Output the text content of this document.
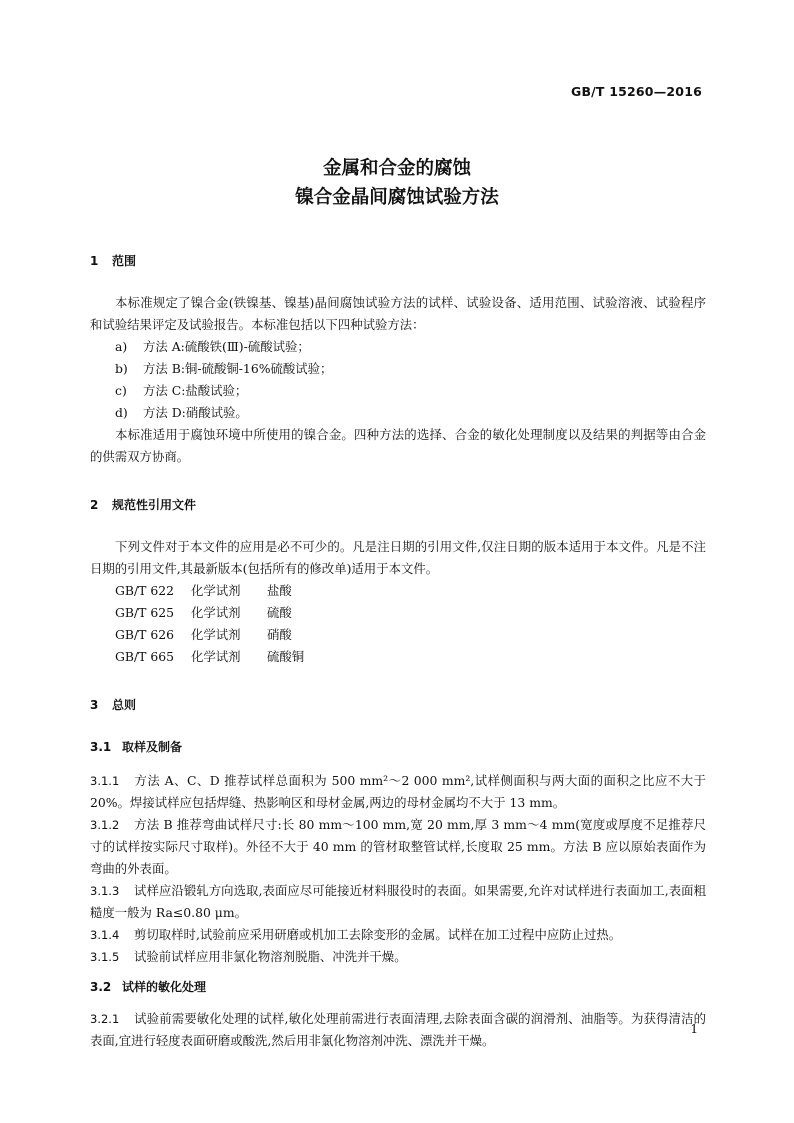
GB/T 15260—2016
金属和合金的腐蚀
镍合金晶间腐蚀试验方法
1 范围

本标准规定了镍合金(铁镍基、镍基)晶间腐蚀试验方法的试样、试验设备、适用范围、试验溶液、试验程序和试验结果评定及试验报告。本标准包括以下四种试验方法：

a) 方法 A:硫酸铁(Ⅲ)-硫酸试验；

b) 方法 B:铜-硫酸铜-16%硫酸试验；

c) 方法 C:盐酸试验；

d) 方法 D:硝酸试验。

本标准适用于腐蚀环境中所使用的镍合金。四种方法的选择、合金的敏化处理制度以及结果的判据等由合金的供需双方协商。

2 规范性引用文件

下列文件对于本文件的应用是必不可少的。凡是注日期的引用文件,仅注日期的版本适用于本文件。凡是不注日期的引用文件,其最新版本(包括所有的修改单)适用于本文件。

GB/T 622 化学试剂 盐酸

GB/T 625 化学试剂 硫酸

GB/T 626 化学试剂 硝酸

GB/T 665 化学试剂 硫酸铜

3 总则
3.1 取样及制备

3.1.1 方法 A、C、D 推荐试样总面积为 500 mm²～2 000 mm²,试样侧面积与两大面的面积之比应不大于 20%。焊接试样应包括焊缝、热影响区和母材金属,两边的母材金属均不大于 13 mm。

3.1.2 方法 B 推荐弯曲试样尺寸:长 80 mm～100 mm,宽 20 mm,厚 3 mm～4 mm(宽度或厚度不足推荐尺寸的试样按实际尺寸取样)。外径不大于 40 mm 的管材取整管试样,长度取 25 mm。方法 B 应以原始表面作为弯曲的外表面。

3.1.3 试样应沿锻轧方向选取,表面应尽可能接近材料服役时的表面。如果需要,允许对试样进行表面加工,表面粗糙度一般为 Ra≤0.80 μm。

3.1.4 剪切取样时,试验前应采用研磨或机加工去除变形的金属。试样在加工过程中应防止过热。

3.1.5 试验前试样应用非氯化物溶剂脱脂、冲洗并干燥。

3.2 试样的敏化处理

3.2.1 试验前需要敏化处理的试样,敏化处理前需进行表面清理,去除表面含碳的润滑剂、油脂等。为获得清洁的表面,宜进行轻度表面研磨或酸洗,然后用非氯化物溶剂冲洗、漂洗并干燥。

1
